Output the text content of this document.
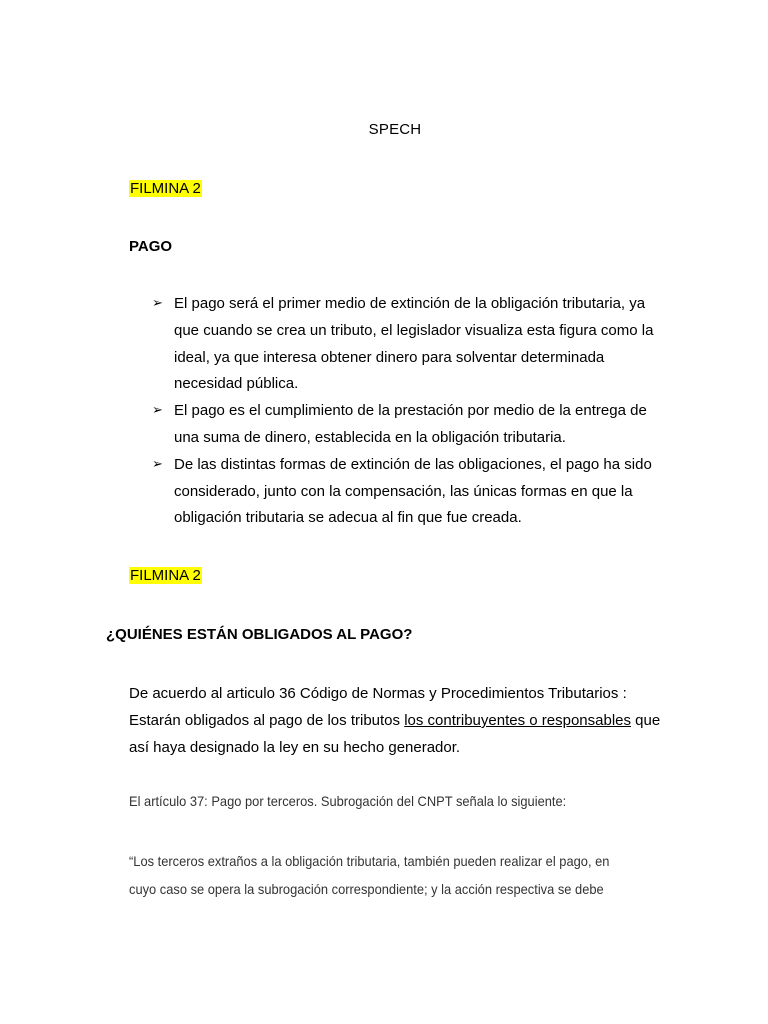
SPECH
FILMINA 2
PAGO
➢ El pago será el primer medio de extinción de la obligación tributaria, ya que cuando se crea un tributo, el legislador visualiza esta figura como la ideal, ya que interesa obtener dinero para solventar determinada necesidad pública.
➢ El pago es el cumplimiento de la prestación por medio de la entrega de una suma de dinero, establecida en la obligación tributaria.
➢ De las distintas formas de extinción de las obligaciones, el pago ha sido considerado, junto con la compensación, las únicas formas en que la obligación tributaria se adecua al fin que fue creada.
FILMINA 2
¿QUIÉNES ESTÁN OBLIGADOS AL PAGO?
De acuerdo al articulo 36 Código de Normas y Procedimientos Tributarios : Estarán obligados al pago de los tributos los contribuyentes o responsables que así haya designado la ley en su hecho generador.
El artículo 37: Pago por terceros. Subrogación del CNPT señala lo siguiente:
“Los terceros extraños a la obligación tributaria, también pueden realizar el pago, en cuyo caso se opera la subrogación correspondiente; y la acción respectiva se debe
